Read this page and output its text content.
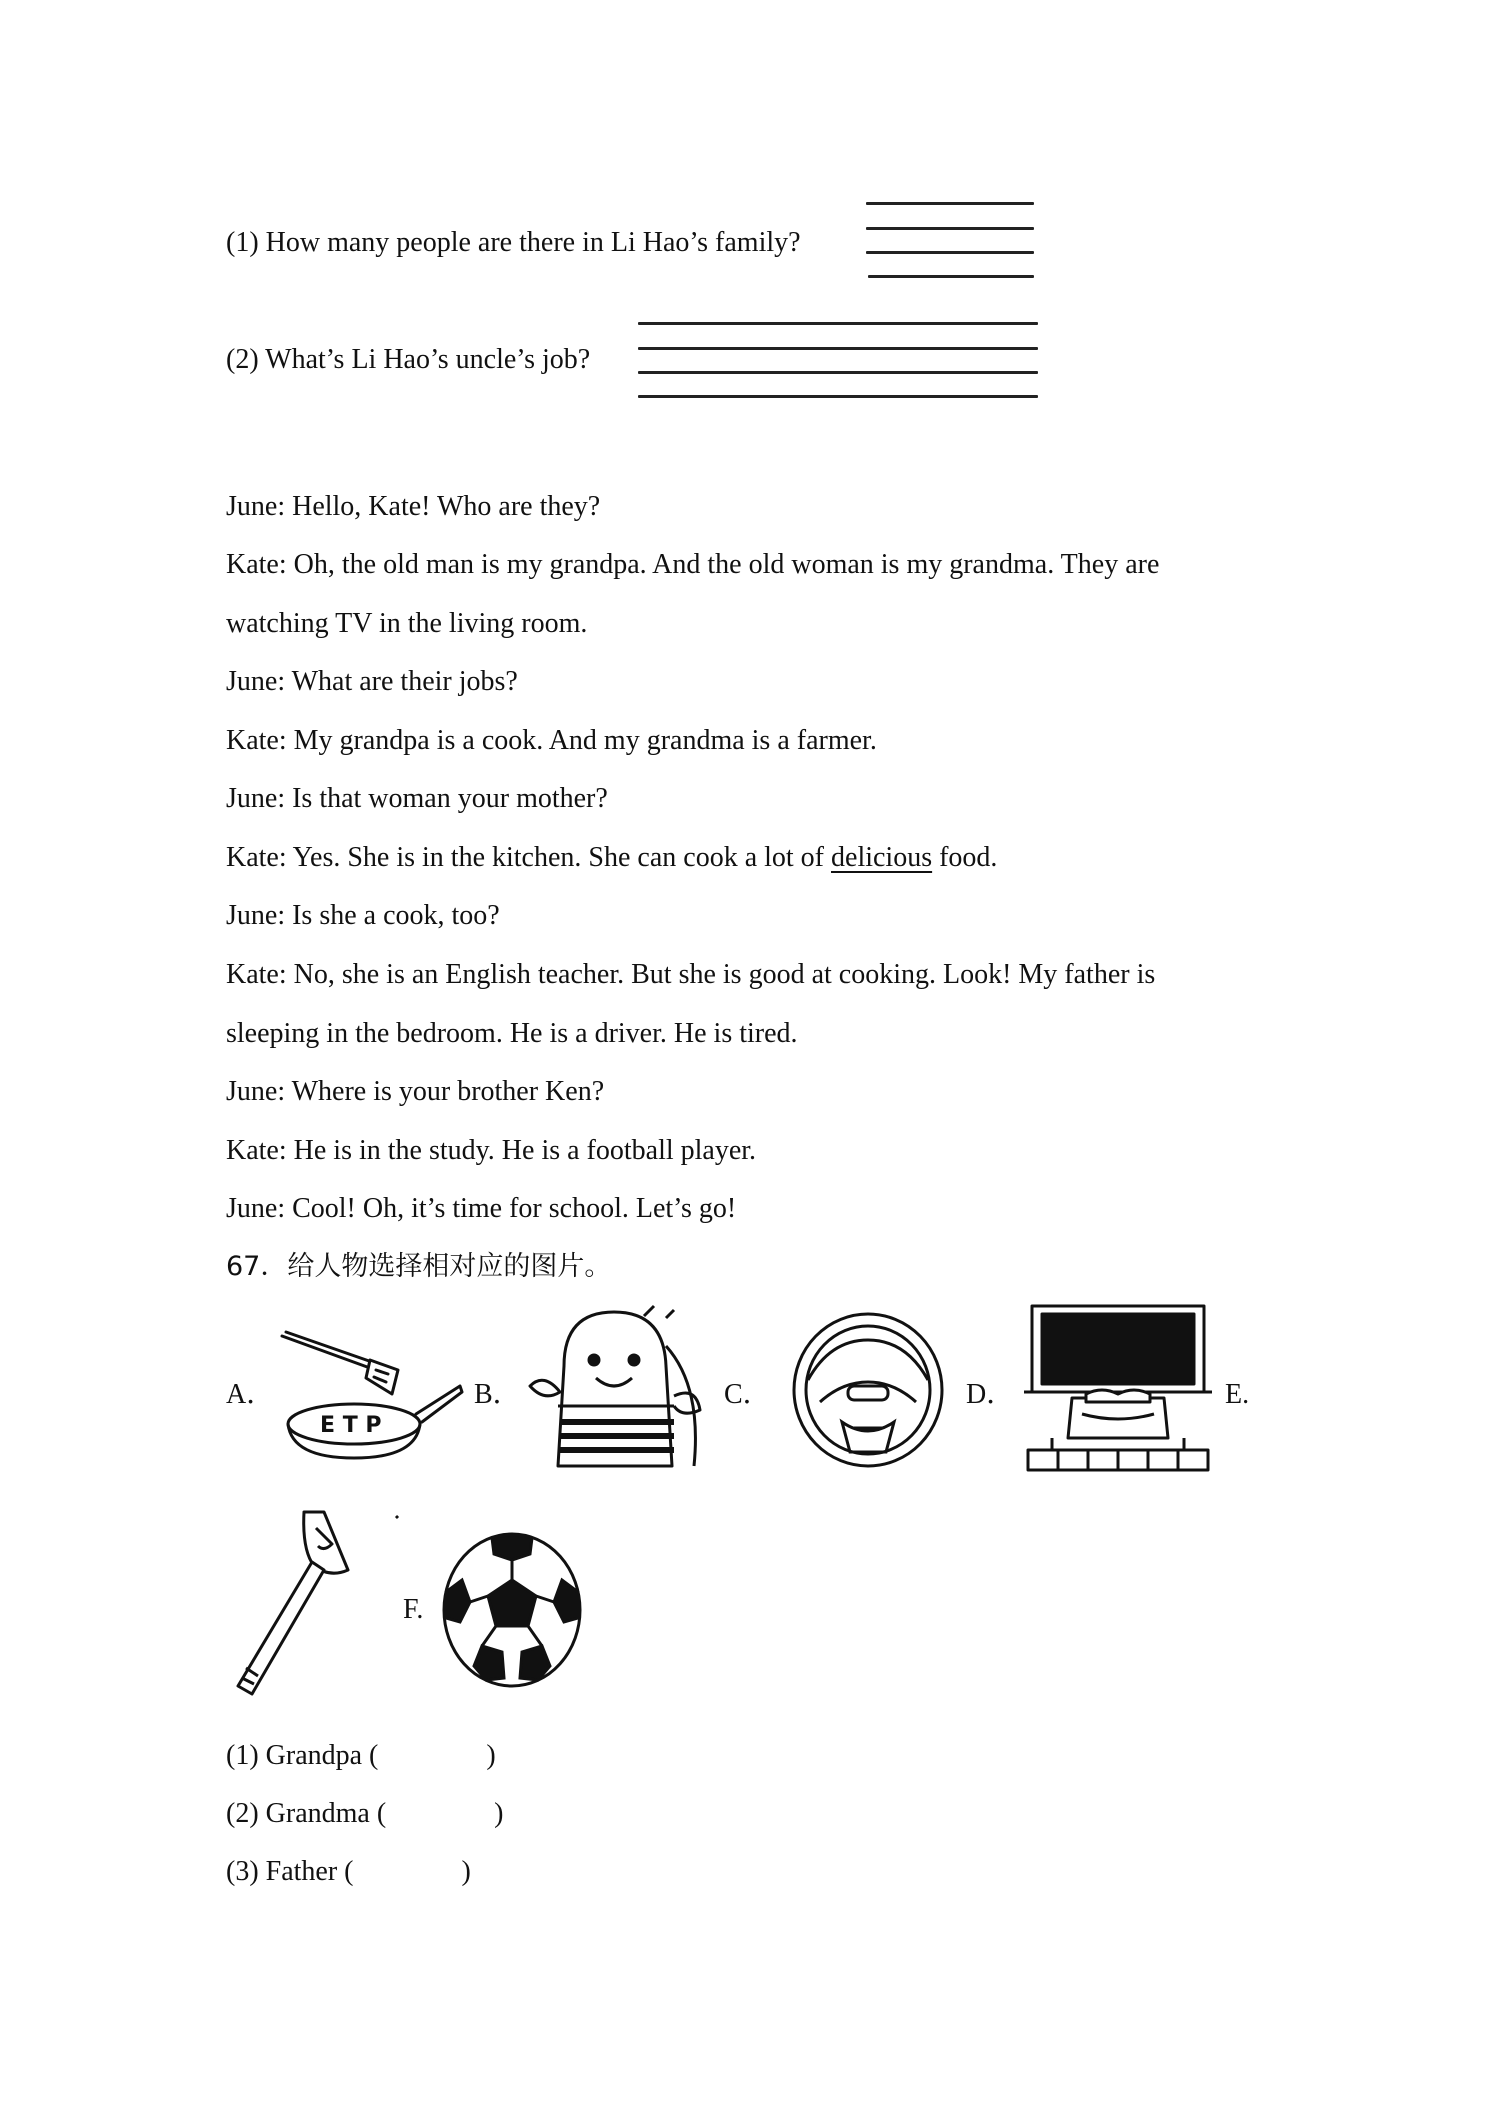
(1) How many people are there in Li Hao’s family?
(2) What’s Li Hao’s uncle’s job?
June: Hello, Kate! Who are they?
Kate: Oh, the old man is my grandpa. And the old woman is my grandma. They are
watching TV in the living room.
June: What are their jobs?
Kate: My grandpa is a cook. And my grandma is a farmer.
June: Is that woman your mother?
Kate: Yes. She is in the kitchen. She can cook a lot of delicious food.
June: Is she a cook, too?
Kate: No, she is an English teacher. But she is good at cooking. Look! My father is
sleeping in the bedroom. He is a driver. He is tired.
June: Where is your brother Ken?
Kate: He is in the study. He is a football player.
June: Cool! Oh, it’s time for school. Let’s go!
67．给人物选择相对应的图片。
A．	B．	C．	D．	E.
F.
E T P
(1) Grandpa (	)
(2) Grandma (	)
(3) Father (	)
